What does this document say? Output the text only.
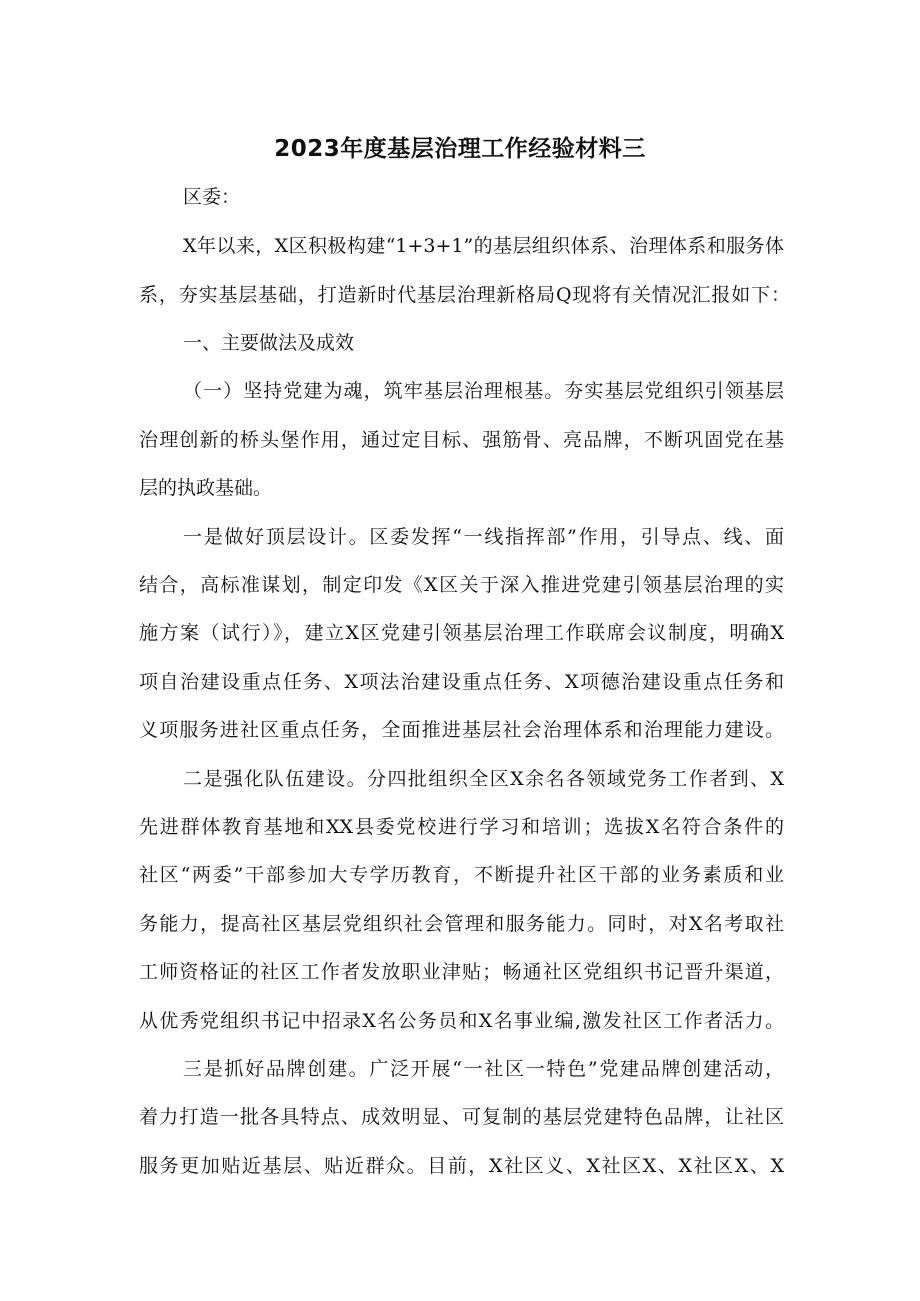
2023年度基层治理工作经验材料三
区委：
X年以来，X区积极构建“1+3+1”的基层组织体系、治理体系和服务体
系，夯实基层基础，打造新时代基层治理新格局Q现将有关情况汇报如下：
一、主要做法及成效
（一）坚持党建为魂，筑牢基层治理根基。夯实基层党组织引领基层
治理创新的桥头堡作用，通过定目标、强筋骨、亮品牌，不断巩固党在基
层的执政基础。
一是做好顶层设计。区委发挥“一线指挥部”作用，引导点、线、面
结合，高标准谋划，制定印发《X区关于深入推进党建引领基层治理的实
施方案（试行）》，建立X区党建引领基层治理工作联席会议制度，明确X
项自治建设重点任务、X项法治建设重点任务、X项德治建设重点任务和
义项服务进社区重点任务，全面推进基层社会治理体系和治理能力建设。
二是强化队伍建设。分四批组织全区X余名各领域党务工作者到、X
先进群体教育基地和XX县委党校进行学习和培训；选拔X名符合条件的
社区“两委”干部参加大专学历教育，不断提升社区干部的业务素质和业
务能力，提高社区基层党组织社会管理和服务能力。同时，对X名考取社
工师资格证的社区工作者发放职业津贴；畅通社区党组织书记晋升渠道，
从优秀党组织书记中招录X名公务员和X名事业编,激发社区工作者活力。
三是抓好品牌创建。广泛开展“一社区一特色”党建品牌创建活动，
着力打造一批各具特点、成效明显、可复制的基层党建特色品牌，让社区
服务更加贴近基层、贴近群众。目前，X社区义、X社区X、X社区X、X
